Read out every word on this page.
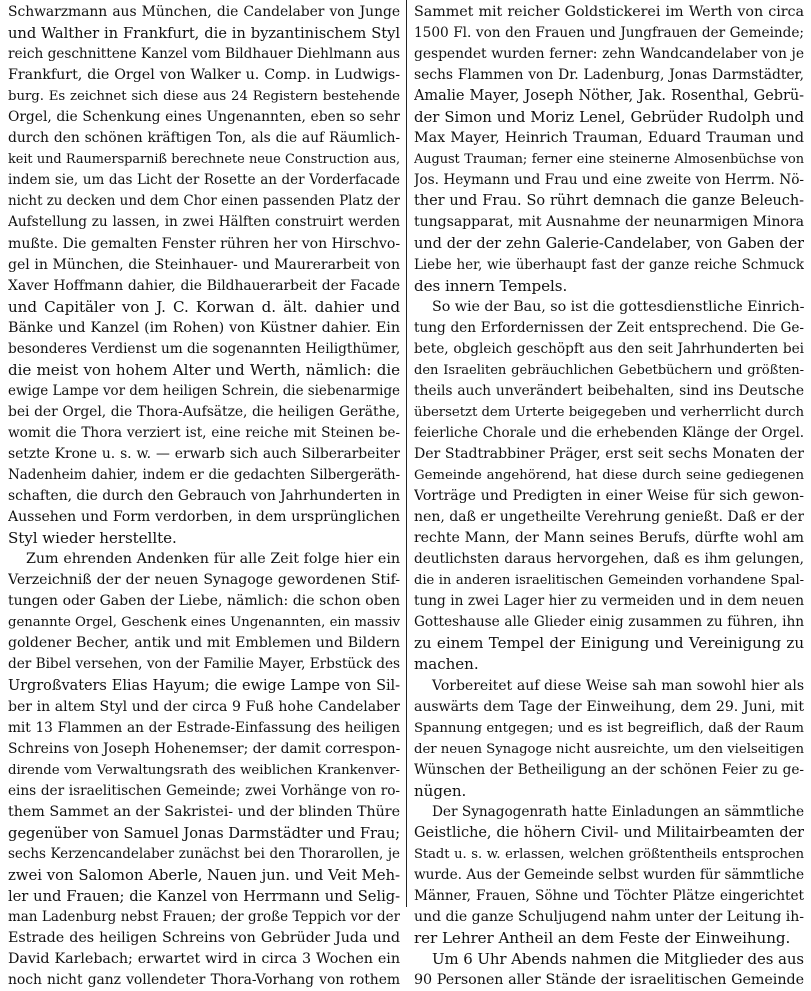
Schwarzmann aus München, die Candelaber von Junge
und Walther in Frankfurt, die in byzantinischem Styl
reich geschnittene Kanzel vom Bildhauer Diehlmann aus
Frankfurt, die Orgel von Walker u. Comp. in Ludwigs-
burg. Es zeichnet sich diese aus 24 Registern bestehende
Orgel, die Schenkung eines Ungenannten, eben so sehr
durch den schönen kräftigen Ton, als die auf Räumlich-
keit und Raumersparniß berechnete neue Construction aus,
indem sie, um das Licht der Rosette an der Vorderfacade
nicht zu decken und dem Chor einen passenden Platz der
Aufstellung zu lassen, in zwei Hälften construirt werden
mußte. Die gemalten Fenster rühren her von Hirschvo-
gel in München, die Steinhauer- und Maurerarbeit von
Xaver Hoffmann dahier, die Bildhauerarbeit der Facade
und Capitäler von J. C. Korwan d. ält. dahier und
Bänke und Kanzel (im Rohen) von Küstner dahier. Ein
besonderes Verdienst um die sogenannten Heiligthümer,
die meist von hohem Alter und Werth, nämlich: die
ewige Lampe vor dem heiligen Schrein, die siebenarmige
bei der Orgel, die Thora-Aufsätze, die heiligen Geräthe,
womit die Thora verziert ist, eine reiche mit Steinen be-
setzte Krone u. s. w. — erwarb sich auch Silberarbeiter
Nadenheim dahier, indem er die gedachten Silbergeräth-
schaften, die durch den Gebrauch von Jahrhunderten in
Aussehen und Form verdorben, in dem ursprünglichen
Styl wieder herstellte.
Zum ehrenden Andenken für alle Zeit folge hier ein
Verzeichniß der der neuen Synagoge gewordenen Stif-
tungen oder Gaben der Liebe, nämlich: die schon oben
genannte Orgel, Geschenk eines Ungenannten, ein massiv
goldener Becher, antik und mit Emblemen und Bildern
der Bibel versehen, von der Familie Mayer, Erbstück des
Urgroßvaters Elias Hayum; die ewige Lampe von Sil-
ber in altem Styl und der circa 9 Fuß hohe Candelaber
mit 13 Flammen an der Estrade-Einfassung des heiligen
Schreins von Joseph Hohenemser; der damit correspon-
dirende vom Verwaltungsrath des weiblichen Krankenver-
eins der israelitischen Gemeinde; zwei Vorhänge von ro-
them Sammet an der Sakristei- und der blinden Thüre
gegenüber von Samuel Jonas Darmstädter und Frau;
sechs Kerzencandelaber zunächst bei den Thorarollen, je
zwei von Salomon Aberle, Nauen jun. und Veit Meh-
ler und Frauen; die Kanzel von Herrmann und Selig-
man Ladenburg nebst Frauen; der große Teppich vor der
Estrade des heiligen Schreins von Gebrüder Juda und
David Karlebach; erwartet wird in circa 3 Wochen ein
noch nicht ganz vollendeter Thora-Vorhang von rothem
Sammet mit reicher Goldstickerei im Werth von circa
1500 Fl. von den Frauen und Jungfrauen der Gemeinde;
gespendet wurden ferner: zehn Wandcandelaber von je
sechs Flammen von Dr. Ladenburg, Jonas Darmstädter,
Amalie Mayer, Joseph Nöther, Jak. Rosenthal, Gebrü-
der Simon und Moriz Lenel, Gebrüder Rudolph und
Max Mayer, Heinrich Trauman, Eduard Trauman und
August Trauman; ferner eine steinerne Almosenbüchse von
Jos. Heymann und Frau und eine zweite von Herrm. Nö-
ther und Frau. So rührt demnach die ganze Beleuch-
tungsapparat, mit Ausnahme der neunarmigen Minora
und der der zehn Galerie-Candelaber, von Gaben der
Liebe her, wie überhaupt fast der ganze reiche Schmuck
des innern Tempels.
So wie der Bau, so ist die gottesdienstliche Einrich-
tung den Erfordernissen der Zeit entsprechend. Die Ge-
bete, obgleich geschöpft aus den seit Jahrhunderten bei
den Israeliten gebräuchlichen Gebetbüchern und größten-
theils auch unverändert beibehalten, sind ins Deutsche
übersetzt dem Urterte beigegeben und verherrlicht durch
feierliche Chorale und die erhebenden Klänge der Orgel.
Der Stadtrabbiner Präger, erst seit sechs Monaten der
Gemeinde angehörend, hat diese durch seine gediegenen
Vorträge und Predigten in einer Weise für sich gewon-
nen, daß er ungetheilte Verehrung genießt. Daß er der
rechte Mann, der Mann seines Berufs, dürfte wohl am
deutlichsten daraus hervorgehen, daß es ihm gelungen,
die in anderen israelitischen Gemeinden vorhandene Spal-
tung in zwei Lager hier zu vermeiden und in dem neuen
Gotteshause alle Glieder einig zusammen zu führen, ihn
zu einem Tempel der Einigung und Vereinigung zu
machen.
Vorbereitet auf diese Weise sah man sowohl hier als
auswärts dem Tage der Einweihung, dem 29. Juni, mit
Spannung entgegen; und es ist begreiflich, daß der Raum
der neuen Synagoge nicht ausreichte, um den vielseitigen
Wünschen der Betheiligung an der schönen Feier zu ge-
nügen.
Der Synagogenrath hatte Einladungen an sämmtliche
Geistliche, die höhern Civil- und Militairbeamten der
Stadt u. s. w. erlassen, welchen größtentheils entsprochen
wurde. Aus der Gemeinde selbst wurden für sämmtliche
Männer, Frauen, Söhne und Töchter Plätze eingerichtet
und die ganze Schuljugend nahm unter der Leitung ih-
rer Lehrer Antheil an dem Feste der Einweihung.
Um 6 Uhr Abends nahmen die Mitglieder des aus
90 Personen aller Stände der israelitischen Gemeinde
